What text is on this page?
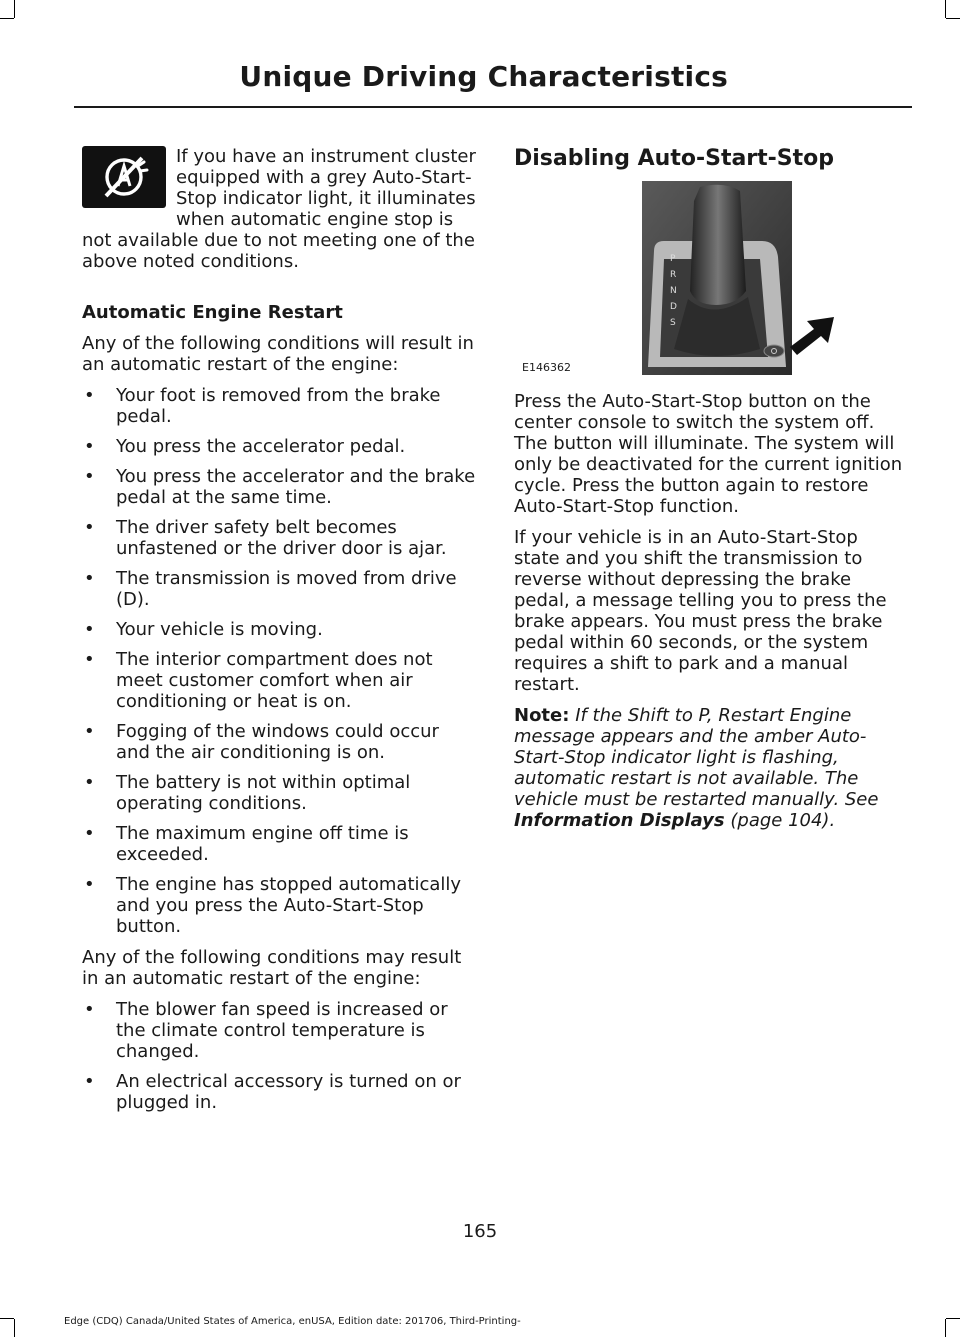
Unique Driving Characteristics

If you have an instrument cluster equipped with a grey Auto-Start-Stop indicator light, it illuminates when automatic engine stop is not available due to not meeting one of the above noted conditions.

Automatic Engine Restart

Any of the following conditions will result in an automatic restart of the engine:

• Your foot is removed from the brake pedal.
• You press the accelerator pedal.
• You press the accelerator and the brake pedal at the same time.
• The driver safety belt becomes unfastened or the driver door is ajar.
• The transmission is moved from drive (D).
• Your vehicle is moving.
• The interior compartment does not meet customer comfort when air conditioning or heat is on.
• Fogging of the windows could occur and the air conditioning is on.
• The battery is not within optimal operating conditions.
• The maximum engine off time is exceeded.
• The engine has stopped automatically and you press the Auto-Start-Stop button.

Any of the following conditions may result in an automatic restart of the engine:

• The blower fan speed is increased or the climate control temperature is changed.
• An electrical accessory is turned on or plugged in.
Disabling Auto-Start-Stop
P
R
N
D
S
E146362

Press the Auto-Start-Stop button on the center console to switch the system off. The button will illuminate. The system will only be deactivated for the current ignition cycle. Press the button again to restore Auto-Start-Stop function.

If your vehicle is in an Auto-Start-Stop state and you shift the transmission to reverse without depressing the brake pedal, a message telling you to press the brake appears. You must press the brake pedal within 60 seconds, or the system requires a shift to park and a manual restart.

Note: If the Shift to P, Restart Engine message appears and the amber Auto-Start-Stop indicator light is flashing, automatic restart is not available. The vehicle must be restarted manually. See Information Displays (page 104).

165
Edge (CDQ) Canada/United States of America, enUSA, Edition date: 201706, Third-Printing-
